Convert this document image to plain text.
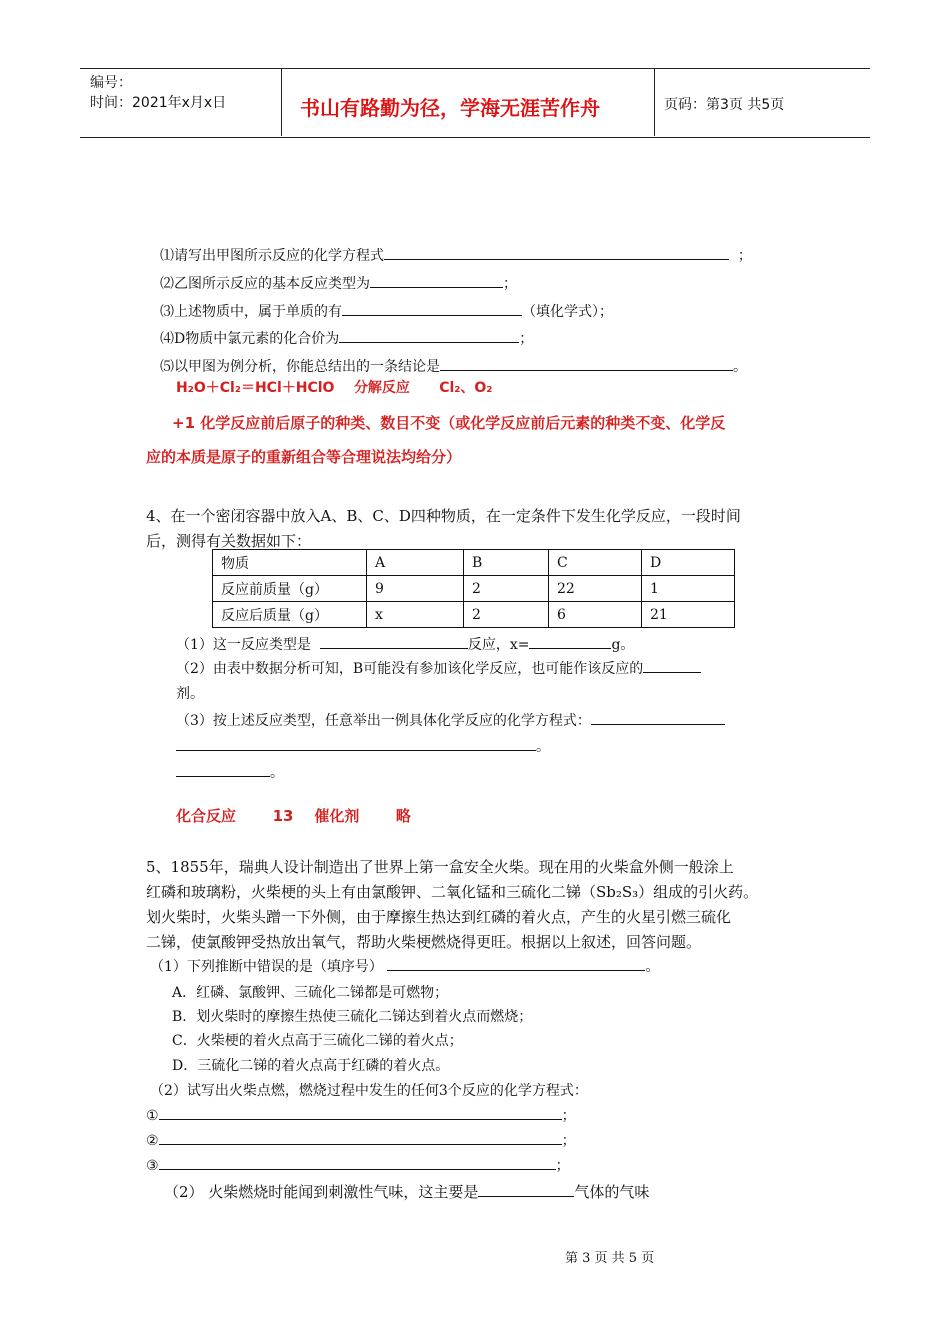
编号：
时间：2021年x月x日	书山有路勤为径，学海无涯苦作舟	页码：第3页 共5页
⑴请写出甲图所示反应的化学方程式	；
⑵乙图所示反应的基本反应类型为	；
⑶上述物质中，属于单质的有	（填化学式）；
⑷D物质中氯元素的化合价为	；
⑸以甲图为例分析，你能总结出的一条结论是	。
H₂O＋Cl₂＝HCl＋HClO 分解反应 Cl₂、O₂
+1 化学反应前后原子的种类、数目不变（或化学反应前后元素的种类不变、化学反
应的本质是原子的重新组合等合理说法均给分）
4、在一个密闭容器中放入A、B、C、D四种物质，在一定条件下发生化学反应，一段时间
后，测得有关数据如下：
物质	A	B	C	D
反应前质量（g）	9	2	22	1
反应后质量（g）	x	2	6	21
（1）这一反应类型是	反应，x=	g。
（2）由表中数据分析可知，B可能没有参加该化学反应，也可能作该反应的
剂。
（3）按上述反应类型，任意举出一例具体化学反应的化学方程式：
。
。
化合反应 13 催化剂 略
5、1855年，瑞典人设计制造出了世界上第一盒安全火柴。现在用的火柴盒外侧一般涂上
红磷和玻璃粉，火柴梗的头上有由氯酸钾、二氧化锰和三硫化二锑（Sb₂S₃）组成的引火药。
划火柴时，火柴头蹭一下外侧，由于摩擦生热达到红磷的着火点，产生的火星引燃三硫化
二锑，使氯酸钾受热放出氧气，帮助火柴梗燃烧得更旺。根据以上叙述，回答问题。
（1）下列推断中错误的是（填序号）	。
A．红磷、氯酸钾、三硫化二锑都是可燃物；
B．划火柴时的摩擦生热使三硫化二锑达到着火点而燃烧；
C．火柴梗的着火点高于三硫化二锑的着火点；
D．三硫化二锑的着火点高于红磷的着火点。
（2）试写出火柴点燃，燃烧过程中发生的任何3个反应的化学方程式：
①	；
②	；
③	；
（2） 火柴燃烧时能闻到刺激性气味，这主要是	气体的气味
第 3 页 共 5 页
